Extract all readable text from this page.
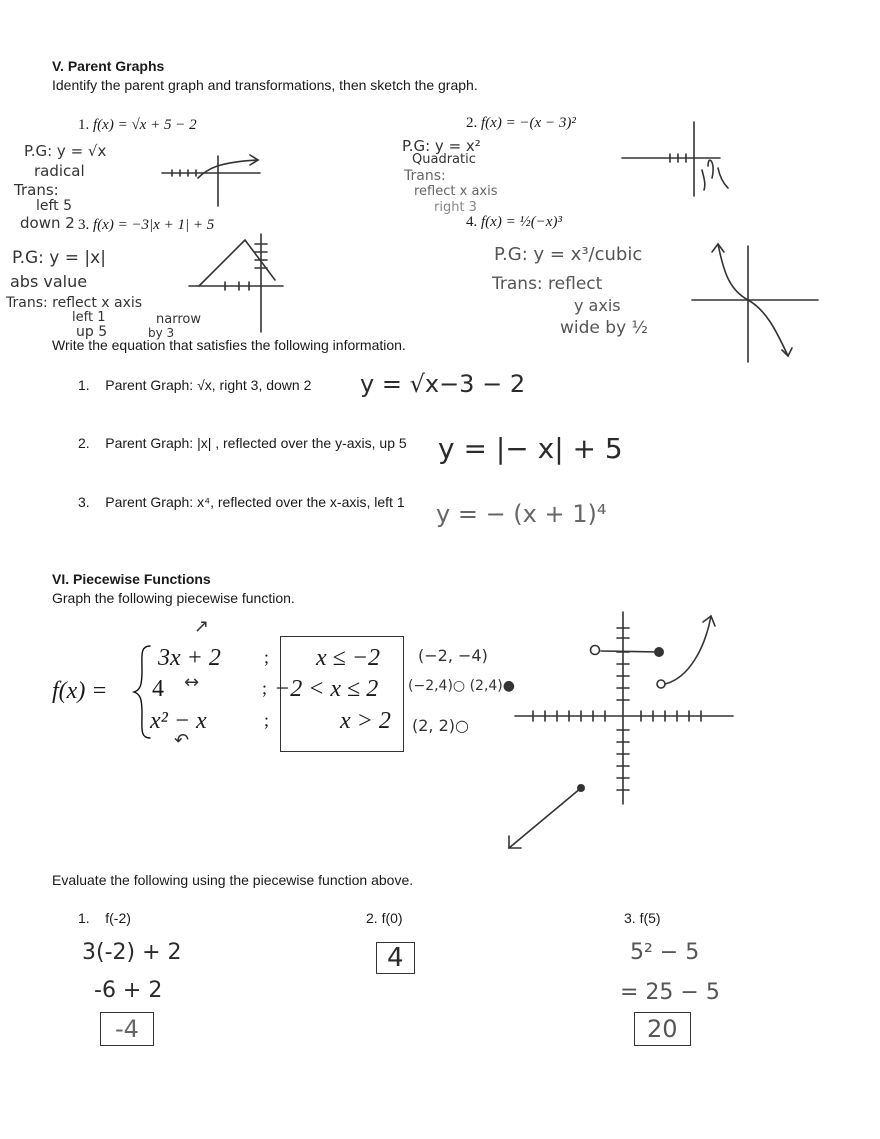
V. Parent Graphs
Identify the parent graph and transformations, then sketch the graph.
1. f(x) = √x + 5 − 2
P.G: y = √x
radical
Trans:
left 5
down 2
2. f(x) = −(x − 3)²
P.G: y = x²
Quadratic
Trans:
reflect x axis
right 3
3. f(x) = −3|x + 1| + 5
P.G: y = |x|
abs value
Trans: reflect x axis
left 1	narrow
up 5	by 3
4. f(x) = ½(−x)³
P.G: y = x³/cubic
Trans: reflect
y axis
wide by ½
Write the equation that satisfies the following information.
1. Parent Graph: √x, right 3, down 2 y = √x−3 − 2
2. Parent Graph: |x| , reflected over the y-axis, up 5 y = |− x| + 5
3. Parent Graph: x⁴, reflected over the x-axis, left 1 y = − (x + 1)⁴
VI. Piecewise Functions
Graph the following piecewise function.
f(x) =
↗
↔
↶
3x + 2
4
x² − x
;
;
;
x ≤ −2
−2 < x ≤ 2
x > 2
(−2, −4)
(−2,4)○ (2,4)●
(2, 2)○
Evaluate the following using the piecewise function above.
1. f(-2)
3(-2) + 2
-6 + 2
-4
2. f(0)
4
3. f(5)
5² − 5
= 25 − 5
20
